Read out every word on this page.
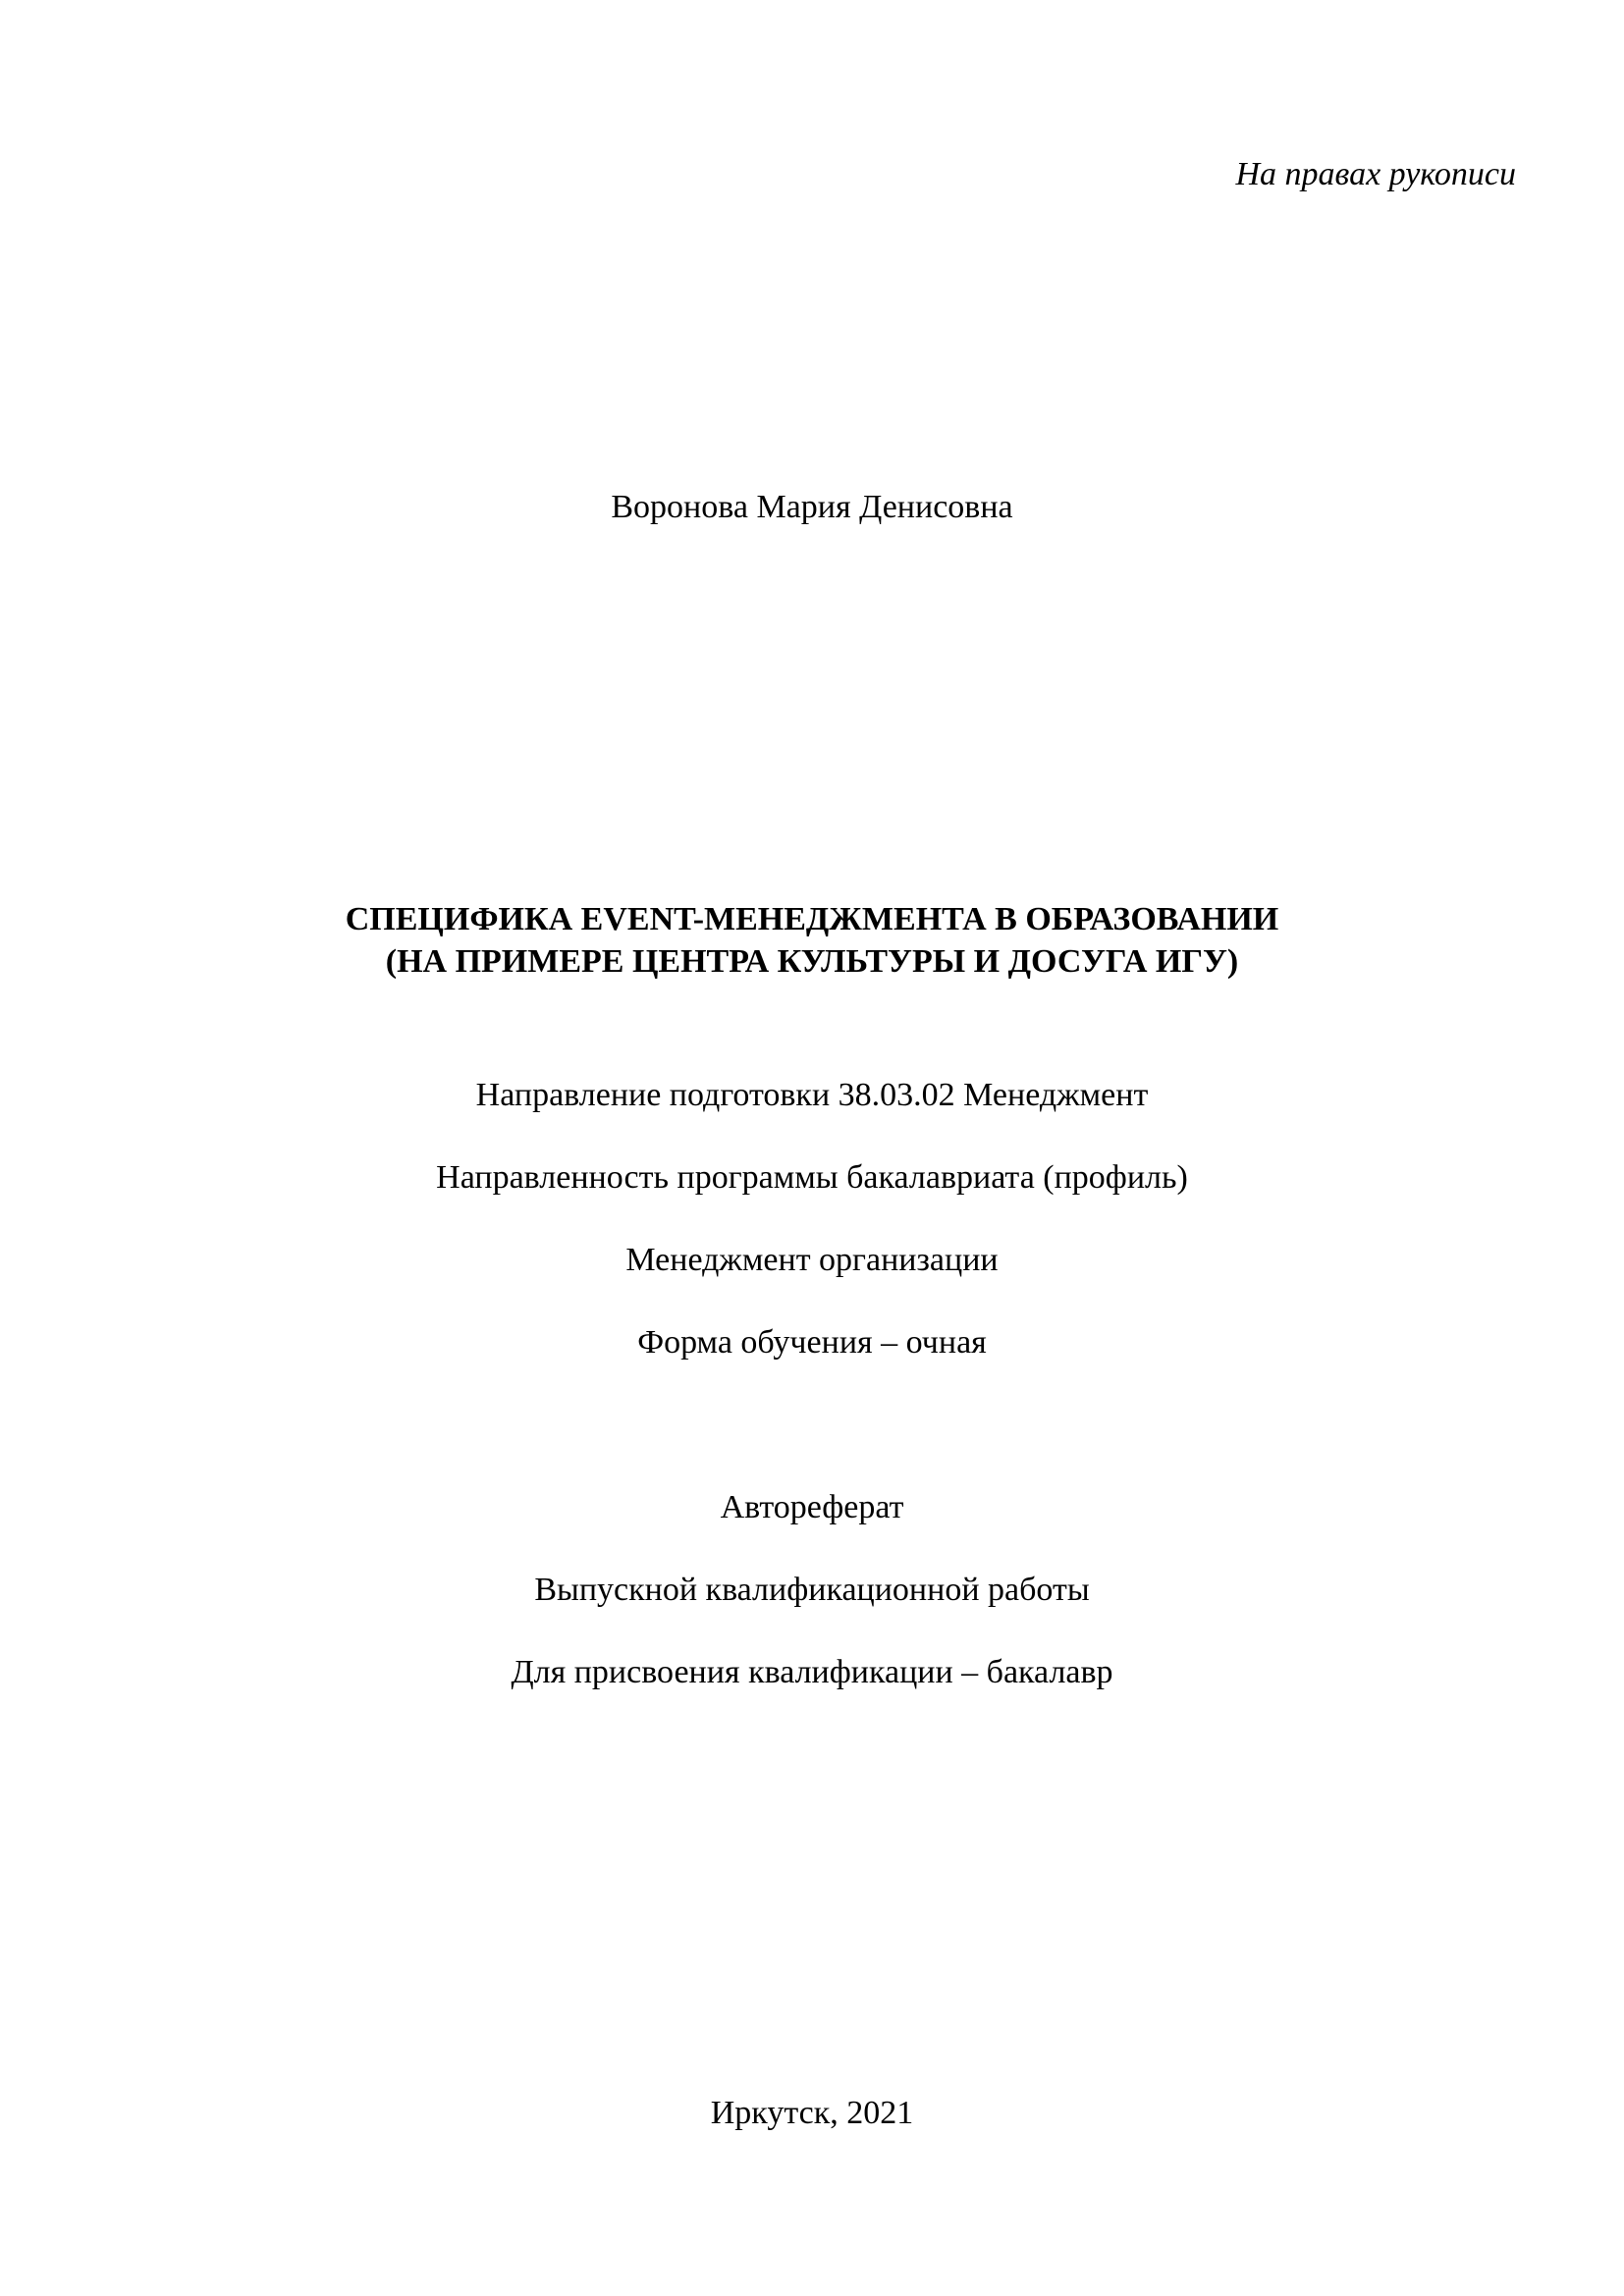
На правах рукописи
Воронова Мария Денисовна
СПЕЦИФИКА EVENT-МЕНЕДЖМЕНТА В ОБРАЗОВАНИИ
(НА ПРИМЕРЕ ЦЕНТРА КУЛЬТУРЫ И ДОСУГА ИГУ)
Направление подготовки 38.03.02 Менеджмент
Направленность программы бакалавриата (профиль)
Менеджмент организации
Форма обучения – очная
Автореферат
Выпускной квалификационной работы
Для присвоения квалификации – бакалавр
Иркутск, 2021
